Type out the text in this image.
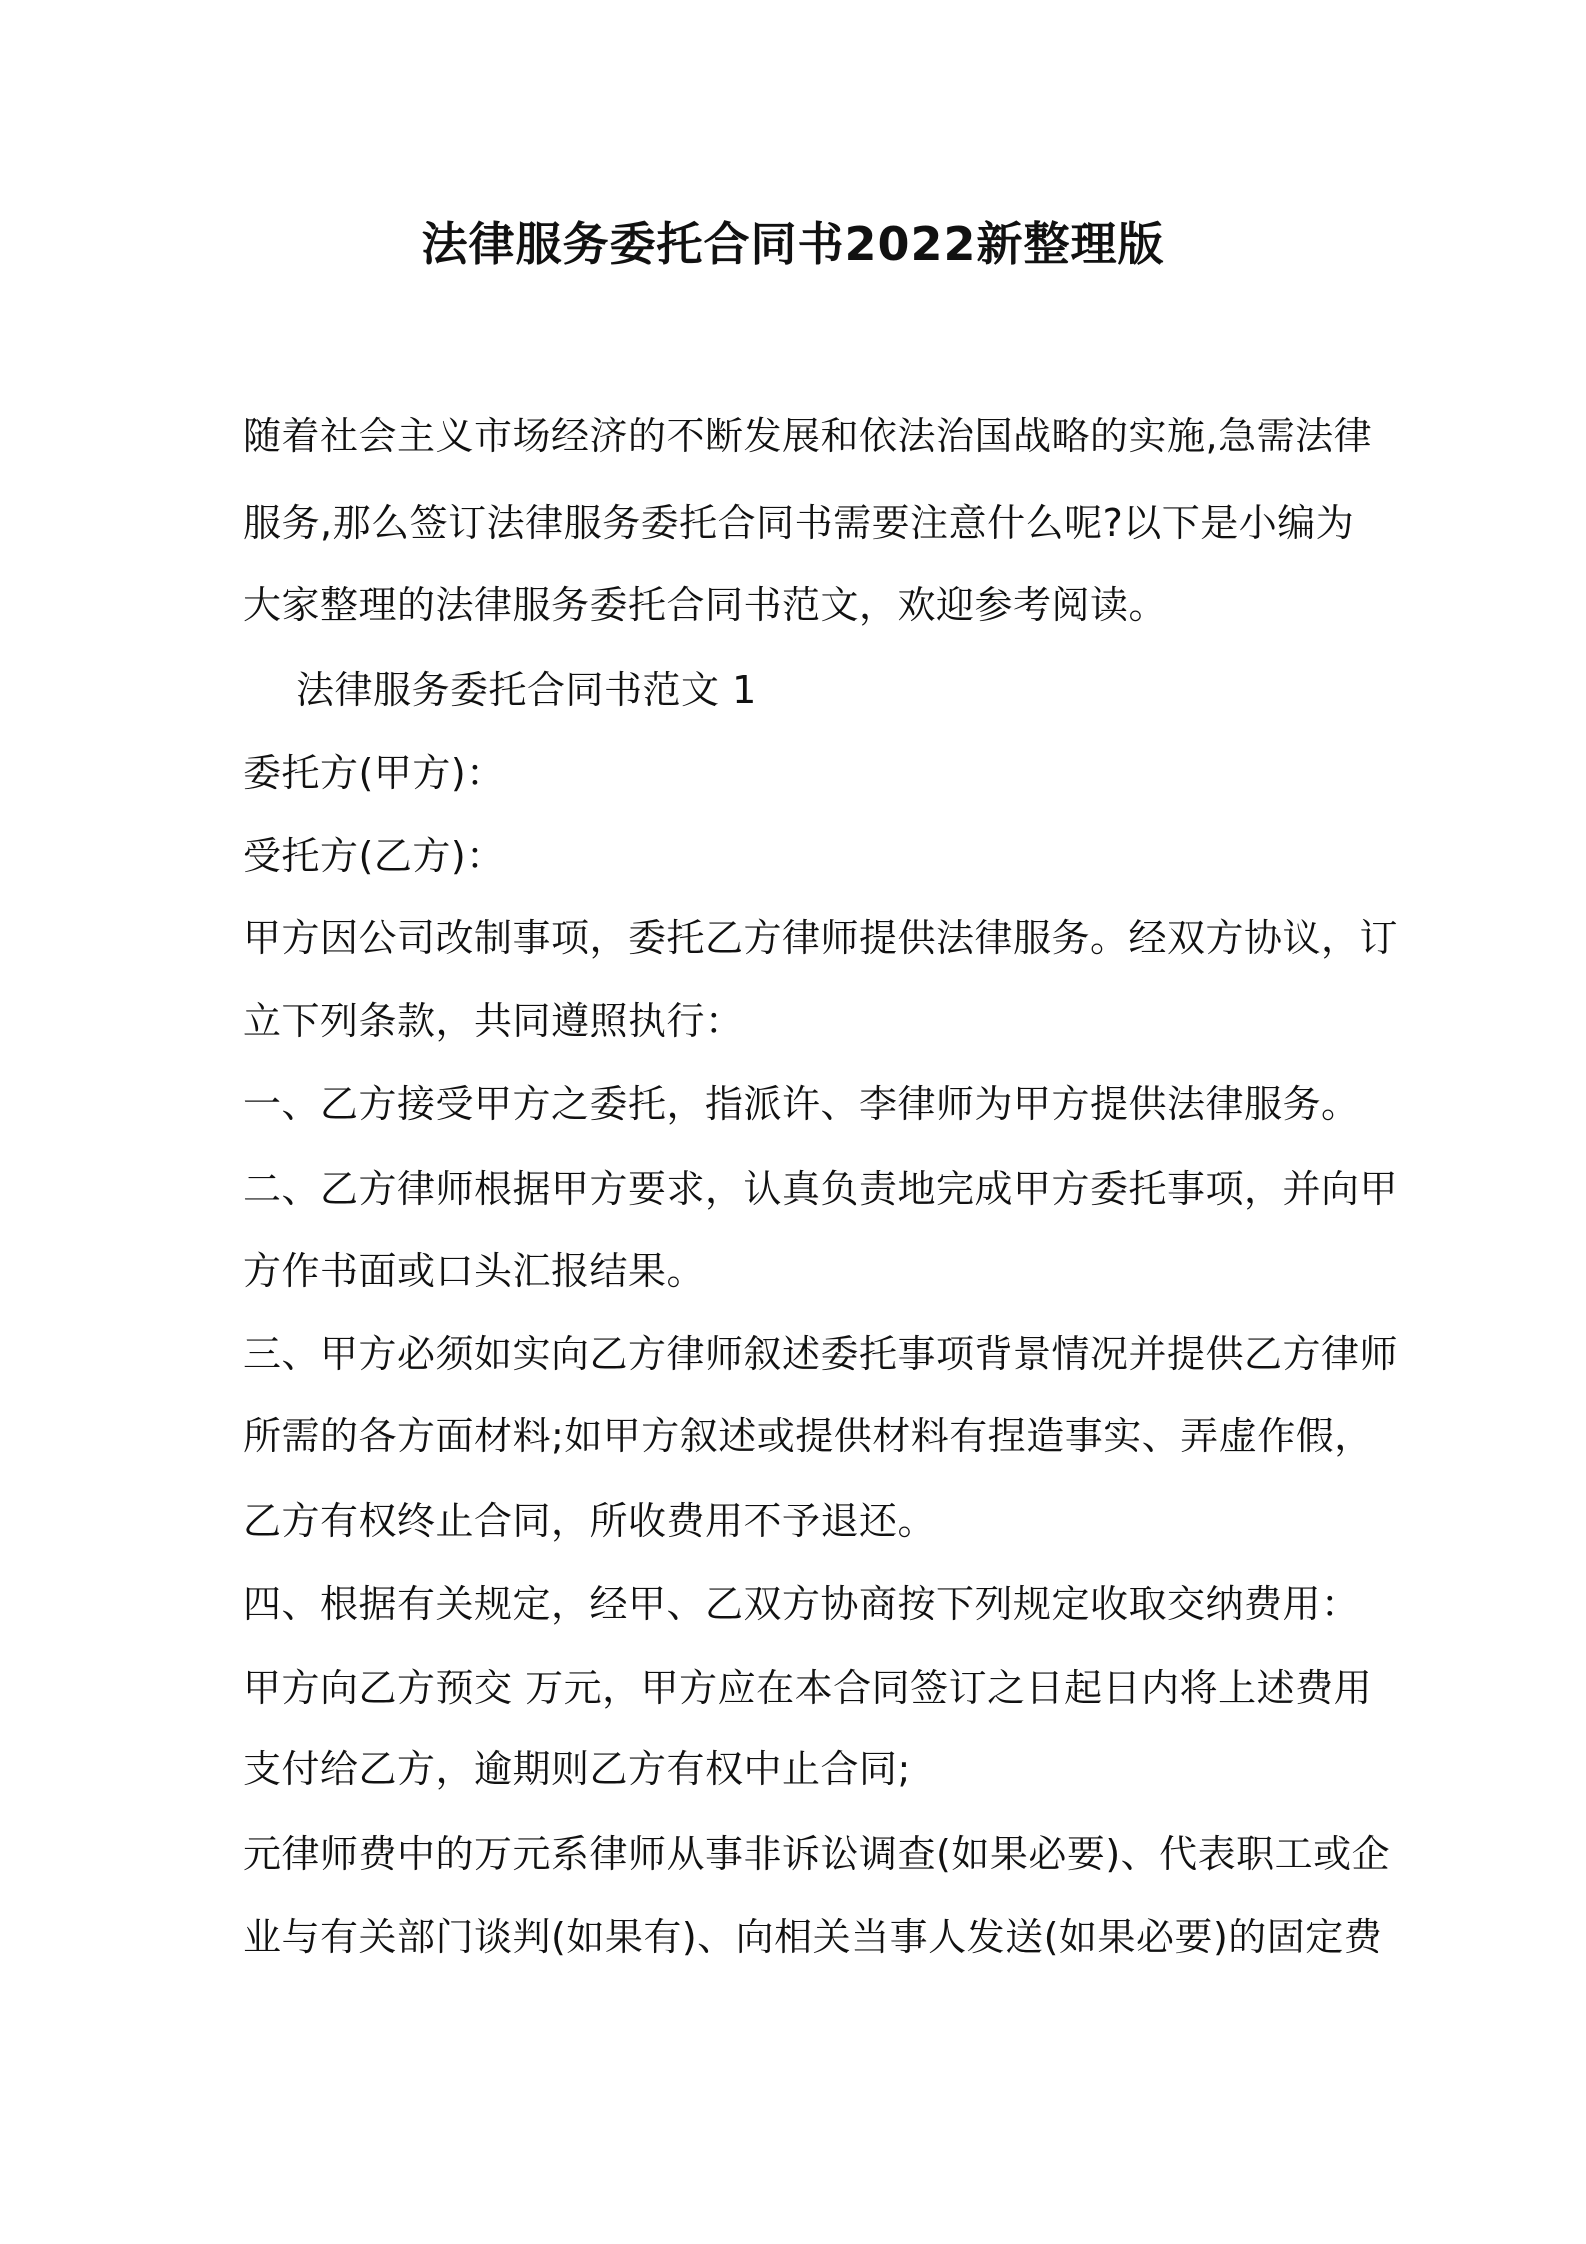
法律服务委托合同书2022新整理版
随着社会主义市场经济的不断发展和依法治国战略的实施,急需法律
服务,那么签订法律服务委托合同书需要注意什么呢?以下是小编为
大家整理的法律服务委托合同书范文，欢迎参考阅读。
法律服务委托合同书范文 1
委托方(甲方)：
受托方(乙方)：
甲方因公司改制事项，委托乙方律师提供法律服务。经双方协议，订
立下列条款，共同遵照执行：
一、乙方接受甲方之委托，指派许、李律师为甲方提供法律服务。
二、乙方律师根据甲方要求，认真负责地完成甲方委托事项，并向甲
方作书面或口头汇报结果。
三、甲方必须如实向乙方律师叙述委托事项背景情况并提供乙方律师
所需的各方面材料;如甲方叙述或提供材料有捏造事实、弄虚作假，
乙方有权终止合同，所收费用不予退还。
四、根据有关规定，经甲、乙双方协商按下列规定收取交纳费用：
甲方向乙方预交 万元，甲方应在本合同签订之日起日内将上述费用
支付给乙方，逾期则乙方有权中止合同;
元律师费中的万元系律师从事非诉讼调查(如果必要)、代表职工或企
业与有关部门谈判(如果有)、向相关当事人发送(如果必要)的固定费
